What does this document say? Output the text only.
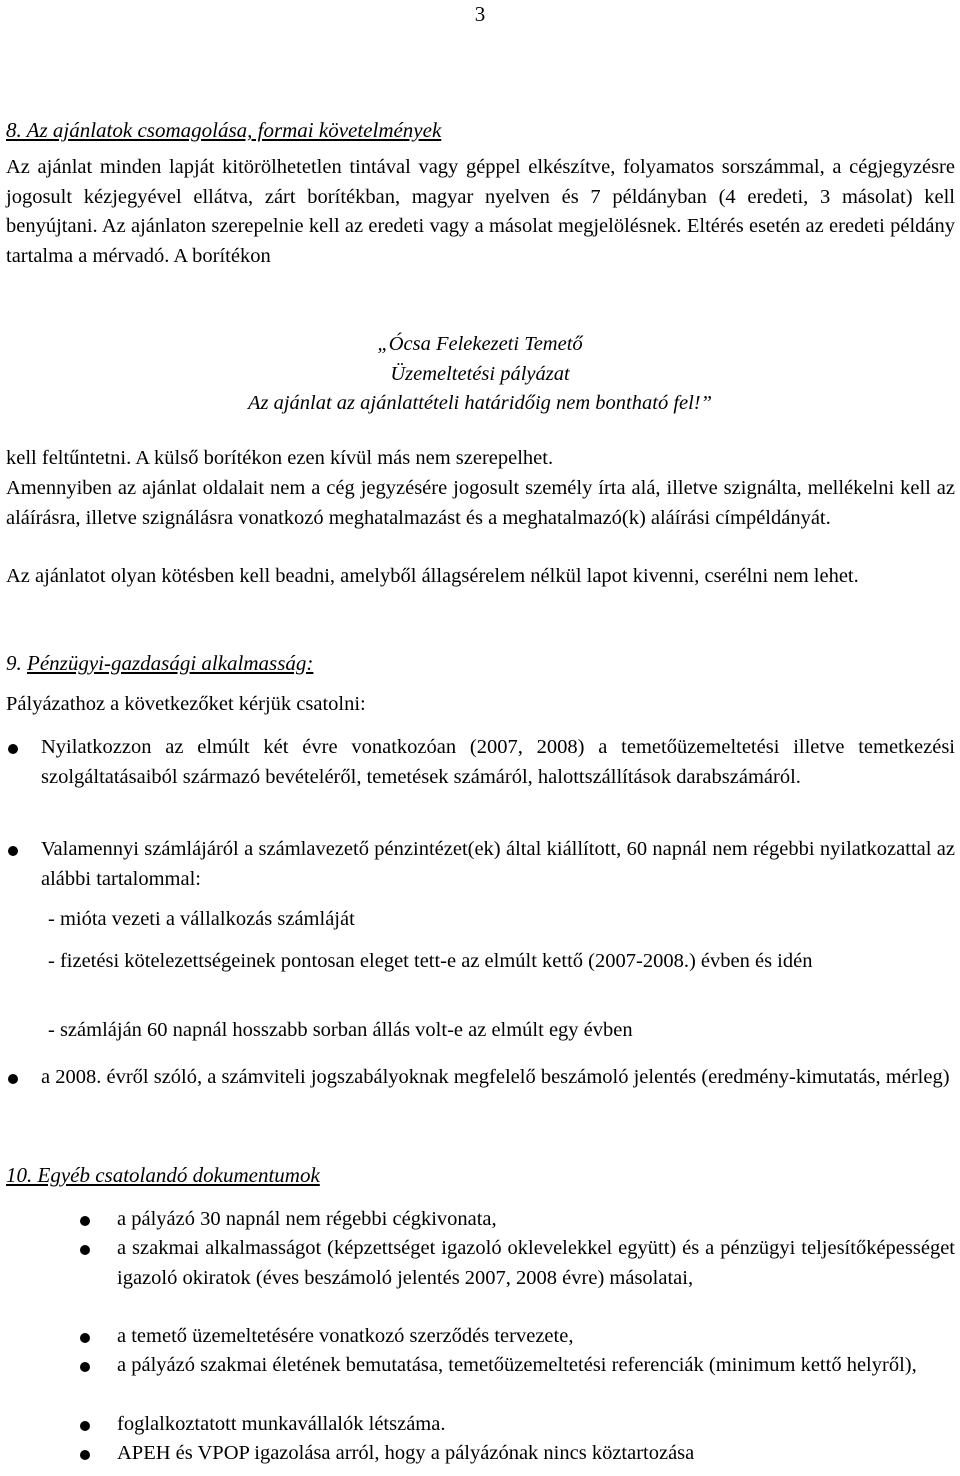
3
8. Az ajánlatok csomagolása, formai követelmények

Az ajánlat minden lapját kitörölhetetlen tintával vagy géppel elkészítve, folyamatos sorszámmal, a cégjegyzésre jogosult kézjegyével ellátva, zárt borítékban, magyar nyelven és 7 példányban (4 eredeti, 3 másolat) kell benyújtani. Az ajánlaton szerepelnie kell az eredeti vagy a másolat megjelölésnek. Eltérés esetén az eredeti példány tartalma a mérvadó. A borítékon

„Ócsa Felekezeti Temető
Üzemeltetési pályázat
Az ajánlat az ajánlattételi határidőig nem bontható fel!”

kell feltűntetni. A külső borítékon ezen kívül más nem szerepelhet.

Amennyiben az ajánlat oldalait nem a cég jegyzésére jogosult személy írta alá, illetve szignálta, mellékelni kell az aláírásra, illetve szignálásra vonatkozó meghatalmazást és a meghatalmazó(k) aláírási címpéldányát.

Az ajánlatot olyan kötésben kell beadni, amelyből állagsérelem nélkül lapot kivenni, cserélni nem lehet.

9. Pénzügyi-gazdasági alkalmasság:

Pályázathoz a következőket kérjük csatolni:

Nyilatkozzon az elmúlt két évre vonatkozóan (2007, 2008) a temetőüzemeltetési illetve temetkezési szolgáltatásaiból származó bevételéről, temetések számáról, halottszállítások darabszámáról.

Valamennyi számlájáról a számlavezető pénzintézet(ek) által kiállított, 60 napnál nem régebbi nyilatkozattal az alábbi tartalommal:

- mióta vezeti a vállalkozás számláját

- fizetési kötelezettségeinek pontosan eleget tett-e az elmúlt kettő (2007-2008.) évben és idén

- számláján 60 napnál hosszabb sorban állás volt-e az elmúlt egy évben

a 2008. évről szóló, a számviteli jogszabályoknak megfelelő beszámoló jelentés (eredmény-kimutatás, mérleg)

10. Egyéb csatolandó dokumentumok

a pályázó 30 napnál nem régebbi cégkivonata,

a szakmai alkalmasságot (képzettséget igazoló oklevelekkel együtt) és a pénzügyi teljesítőképességet igazoló okiratok (éves beszámoló jelentés 2007, 2008 évre) másolatai,

a temető üzemeltetésére vonatkozó szerződés tervezete,

a pályázó szakmai életének bemutatása, temetőüzemeltetési referenciák (minimum kettő helyről),

foglalkoztatott munkavállalók létszáma.

APEH és VPOP igazolása arról, hogy a pályázónak nincs köztartozása
